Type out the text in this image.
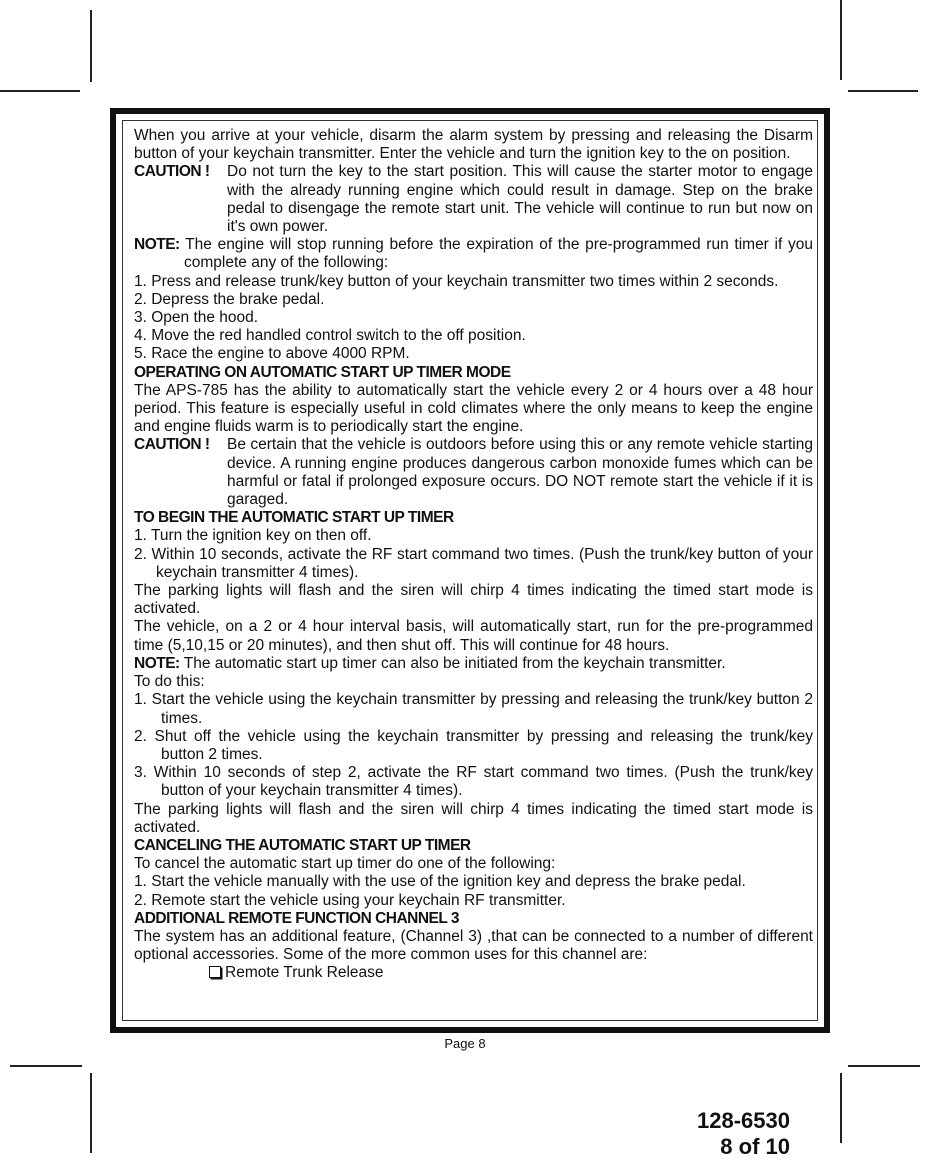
When you arrive at your vehicle, disarm the alarm system by pressing and releasing the Disarm button of your keychain transmitter. Enter the vehicle and turn the ignition key to the on position.

CAUTION !	Do not turn the key to the start position. This will cause the starter motor to engage with the already running engine which could result in damage. Step on the brake pedal to disengage the remote start unit. The vehicle will continue to run but now on it's own power.

NOTE: The engine will stop running before the expiration of the pre-programmed run timer if you complete any of the following:

1. Press and release trunk/key button of your keychain transmitter two times within 2 seconds.

2. Depress the brake pedal.

3. Open the hood.

4. Move the red handled control switch to the off position.

5. Race the engine to above 4000 RPM.

OPERATING ON AUTOMATIC START UP TIMER MODE

The APS-785 has the ability to automatically start the vehicle every 2 or 4 hours over a 48 hour period. This feature is especially useful in cold climates where the only means to keep the engine and engine fluids warm is to periodically start the engine.

CAUTION !	Be certain that the vehicle is outdoors before using this or any remote vehicle starting device. A running engine produces dangerous carbon monoxide fumes which can be harmful or fatal if prolonged exposure occurs. DO NOT remote start the vehicle if it is garaged.

TO BEGIN THE AUTOMATIC START UP TIMER

1. Turn the ignition key on then off.

2. Within 10 seconds, activate the RF start command two times. (Push the trunk/key button of your keychain transmitter 4 times).

The parking lights will flash and the siren will chirp 4 times indicating the timed start mode is activated.

The vehicle, on a 2 or 4 hour interval basis, will automatically start, run for the pre-programmed time (5,10,15 or 20 minutes), and then shut off. This will continue for 48 hours.

NOTE: The automatic start up timer can also be initiated from the keychain transmitter.

To do this:

1. Start the vehicle using the keychain transmitter by pressing and releasing the trunk/key button 2 times.

2. Shut off the vehicle using the keychain transmitter by pressing and releasing the trunk/key button 2 times.

3. Within 10 seconds of step 2, activate the RF start command two times. (Push the trunk/key button of your keychain transmitter 4 times).

The parking lights will flash and the siren will chirp 4 times indicating the timed start mode is activated.

CANCELING THE AUTOMATIC START UP TIMER

To cancel the automatic start up timer do one of the following:

1. Start the vehicle manually with the use of the ignition key and depress the brake pedal.

2. Remote start the vehicle using your keychain RF transmitter.

ADDITIONAL REMOTE FUNCTION CHANNEL 3

The system has an additional feature, (Channel 3) ,that can be connected to a number of different optional accessories. Some of the more common uses for this channel are:

Remote Trunk Release

Page 8
128-6530
8 of 10
